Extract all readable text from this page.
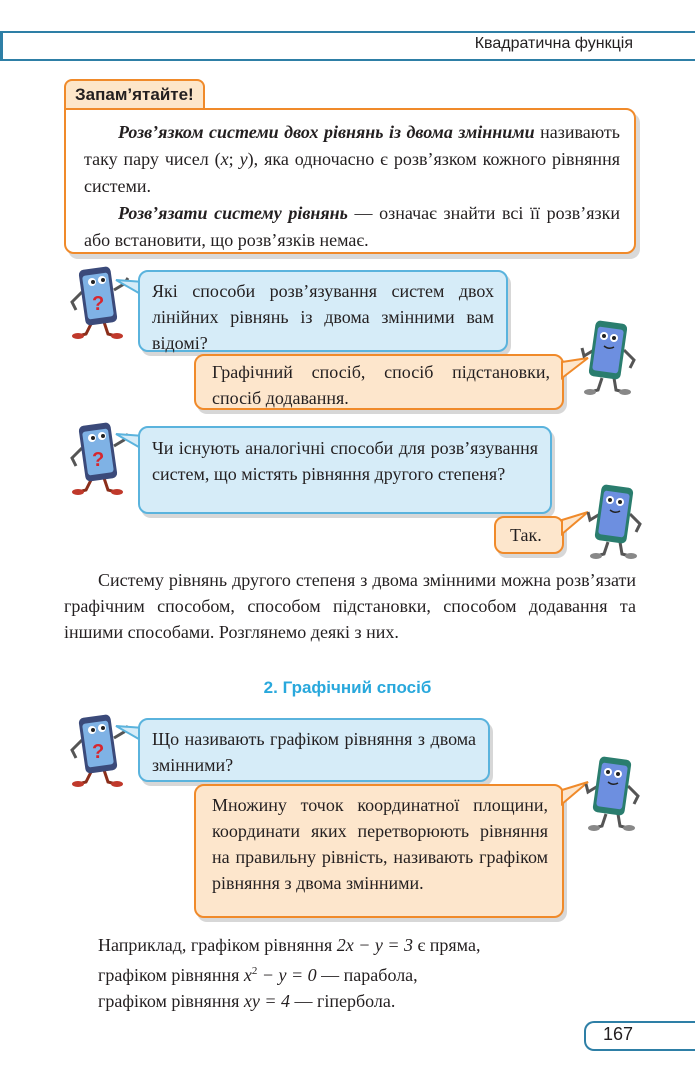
Квадратична функція
Запам’ятайте!

Розв’язком системи двох рівнянь із двома змінними називають таку пару чисел (x; y), яка одночасно є розв’язком кожного рівняння системи.

Розв’язати систему рівнянь — означає знайти всі її розв’язки або встановити, що розв’язків немає.

Які способи розв’язування систем двох лінійних рівнянь із двома змінними вам відомі?
Графічний спосіб, спосіб підстановки, спосіб додавання.
Чи існують аналогічні способи для розв’язування систем, що містять рівняння другого степеня?
Так.

Систему рівнянь другого степеня з двома змінними можна розв’язати графічним способом, способом підстановки, способом додавання та іншими способами. Розглянемо деякі з них.

2. Графічний спосіб
Що називають графіком рівняння з двома змінними?
Множину точок координатної площини, координати яких перетворюють рівняння на правильну рівність, називають графіком рівняння з двома змінними.
Наприклад, графіком рівняння 2x − y = 3 є пряма,
графіком рівняння $x^2 - y = 0$ — парабола,
графіком рівняння xy = 4 — гіпербола.
167
